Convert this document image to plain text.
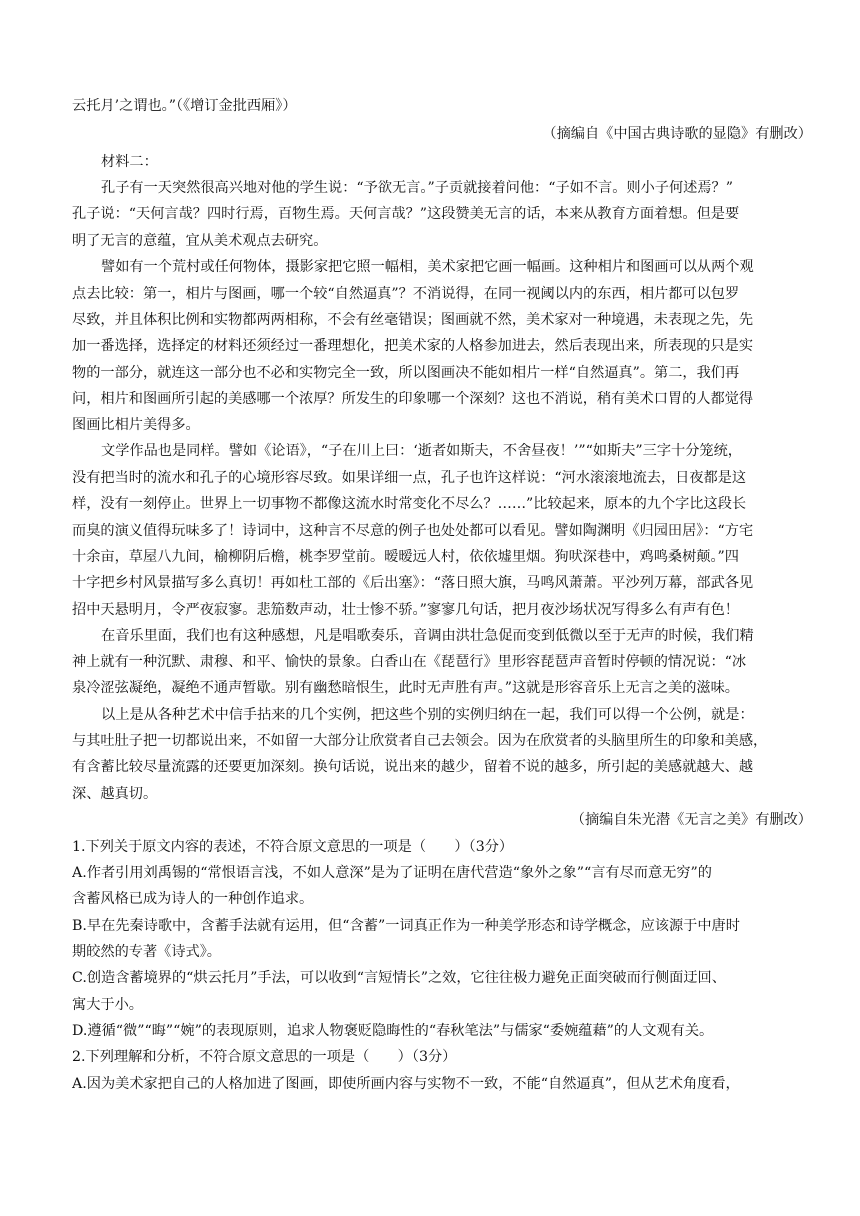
云托月’之谓也。”（《增订金批西厢》）
（摘编自《中国古典诗歌的显隐》有删改）
材料二：
孔子有一天突然很高兴地对他的学生说：“予欲无言。”子贡就接着问他：“子如不言。则小子何述焉？”
孔子说：“天何言哉？四时行焉，百物生焉。天何言哉？”这段赞美无言的话，本来从教育方面着想。但是要
明了无言的意蕴，宜从美术观点去研究。
譬如有一个荒村或任何物体，摄影家把它照一幅相，美术家把它画一幅画。这种相片和图画可以从两个观
点去比较：第一，相片与图画，哪一个较“自然逼真”？不消说得，在同一视阈以内的东西，相片都可以包罗
尽致，并且体积比例和实物都两两相称，不会有丝毫错误；图画就不然，美术家对一种境遇，未表现之先，先
加一番选择，选择定的材料还须经过一番理想化，把美术家的人格参加进去，然后表现出来，所表现的只是实
物的一部分，就连这一部分也不必和实物完全一致，所以图画决不能如相片一样“自然逼真”。第二，我们再
问，相片和图画所引起的美感哪一个浓厚？所发生的印象哪一个深刻？这也不消说，稍有美术口胃的人都觉得
图画比相片美得多。
文学作品也是同样。譬如《论语》，“子在川上曰：‘逝者如斯夫，不舍昼夜！’”“如斯夫”三字十分笼统，
没有把当时的流水和孔子的心境形容尽致。如果详细一点，孔子也许这样说：“河水滚滚地流去，日夜都是这
样，没有一刻停止。世界上一切事物不都像这流水时常变化不尽么？……”比较起来，原本的九个字比这段长
而臭的演义值得玩味多了！诗词中，这种言不尽意的例子也处处都可以看见。譬如陶渊明《归园田居》：“方宅
十余亩，草屋八九间，榆柳阴后檐，桃李罗堂前。暧暧远人村，依依墟里烟。狗吠深巷中，鸡鸣桑树颠。”四
十字把乡村风景描写多么真切！再如杜工部的《后出塞》：“落日照大旗，马鸣风萧萧。平沙列万幕，部武各见
招中天悬明月，令严夜寂寥。悲笳数声动，壮士惨不骄。”寥寥几句话，把月夜沙场状况写得多么有声有色！
在音乐里面，我们也有这种感想，凡是唱歌奏乐，音调由洪壮急促而变到低微以至于无声的时候，我们精
神上就有一种沉默、肃穆、和平、愉快的景象。白香山在《琵琶行》里形容琵琶声音暂时停顿的情况说：“冰
泉冷涩弦凝绝，凝绝不通声暂歇。别有幽愁暗恨生，此时无声胜有声。”这就是形容音乐上无言之美的滋味。
以上是从各种艺术中信手拈来的几个实例，把这些个别的实例归纳在一起，我们可以得一个公例，就是：
与其吐肚子把一切都说出来，不如留一大部分让欣赏者自己去领会。因为在欣赏者的头脑里所生的印象和美感，
有含蓄比较尽量流露的还要更加深刻。换句话说，说出来的越少，留着不说的越多，所引起的美感就越大、越
深、越真切。
（摘编自朱光潜《无言之美》有删改）
1.下列关于原文内容的表述，不符合原文意思的一项是（　　）（3分）
A.作者引用刘禹锡的“常恨语言浅，不如人意深”是为了证明在唐代营造“象外之象”“言有尽而意无穷”的
含蓄风格已成为诗人的一种创作追求。
B.早在先秦诗歌中，含蓄手法就有运用，但“含蓄”一词真正作为一种美学形态和诗学概念，应该源于中唐时
期皎然的专著《诗式》。
C.创造含蓄境界的“烘云托月”手法，可以收到“言短情长”之效，它往往极力避免正面突破而行侧面迂回、
寓大于小。
D.遵循“微”“晦”“婉”的表现原则，追求人物褒贬隐晦性的“春秋笔法”与儒家“委婉蕴藉”的人文观有关。
2.下列理解和分析，不符合原文意思的一项是（　　）（3分）
A.因为美术家把自己的人格加进了图画，即使所画内容与实物不一致，不能“自然逼真”，但从艺术角度看，
